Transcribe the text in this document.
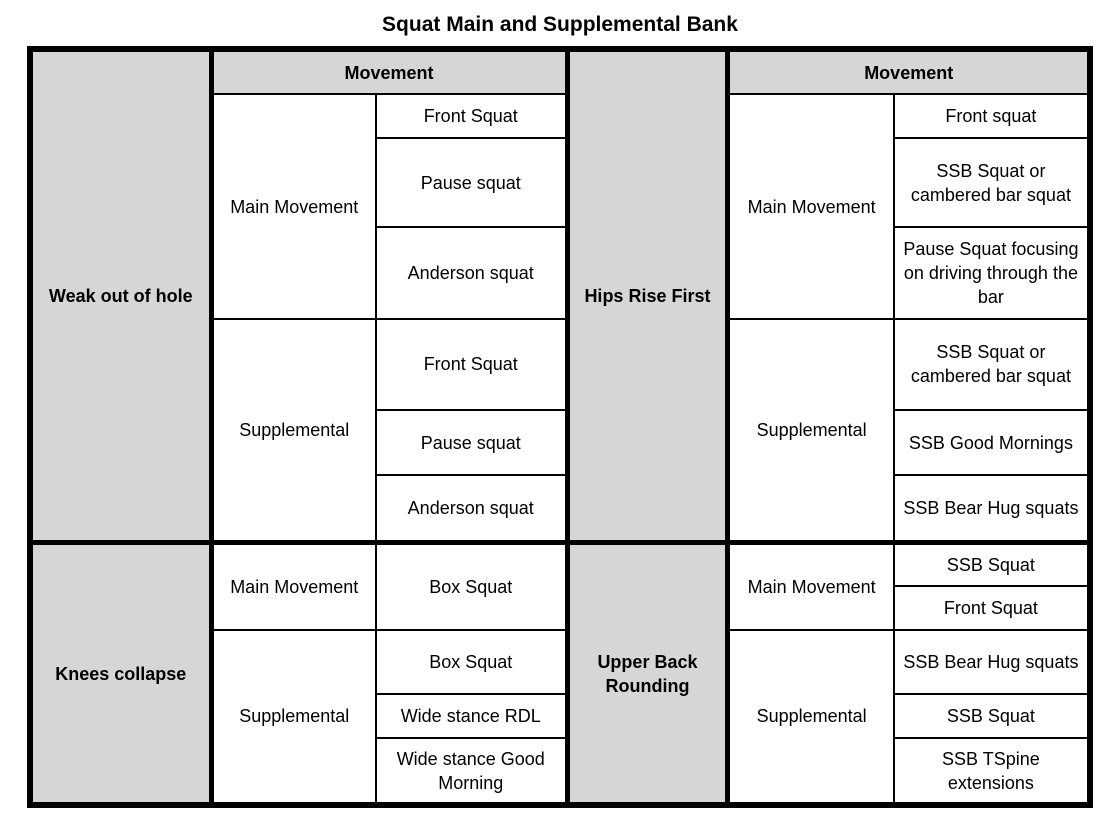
Squat Main and Supplemental Bank
Weak out of hole	Movement		Hips Rise First	Movement	
	Main Movement	Front Squat		Main Movement	Front squat
		Pause squat			SSB Squat or cambered bar squat
		Anderson squat			Pause Squat focusing on driving through the bar
	Supplemental	Front Squat		Supplemental	SSB Squat or cambered bar squat
		Pause squat			SSB Good Mornings
		Anderson squat			SSB Bear Hug squats
Knees collapse	Main Movement	Box Squat	Upper Back Rounding	Main Movement	SSB Squat
					Front Squat
	Supplemental	Box Squat		Supplemental	SSB Bear Hug squats
		Wide stance RDL			SSB Squat
		Wide stance Good Morning			SSB TSpine extensions
